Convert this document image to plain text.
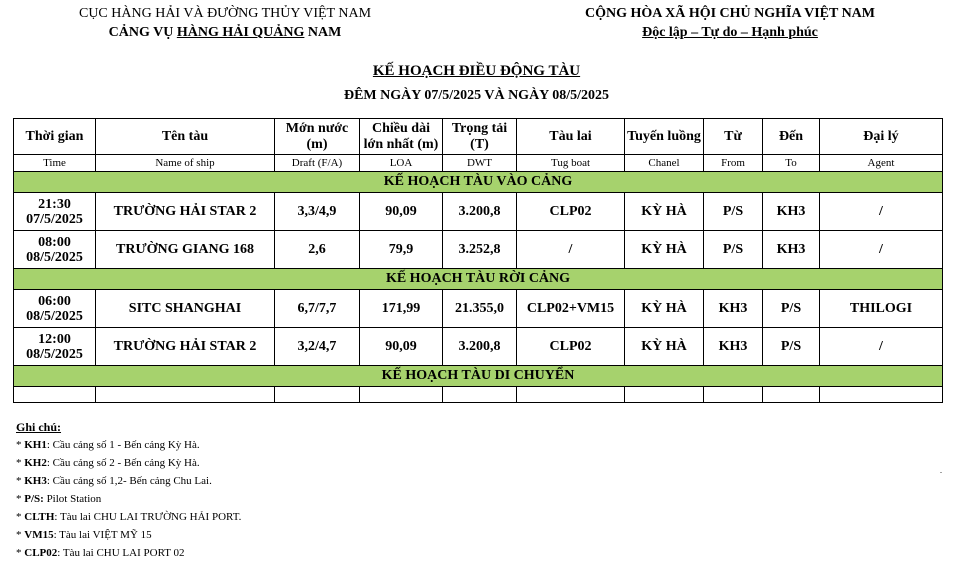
CỤC HÀNG HẢI VÀ ĐƯỜNG THỦY VIỆT NAM
CẢNG VỤ HÀNG HẢI QUẢNG NAM
CỘNG HÒA XÃ HỘI CHỦ NGHĨA VIỆT NAM
Độc lập – Tự do – Hạnh phúc
KẾ HOẠCH ĐIỀU ĐỘNG TÀU
ĐÊM NGÀY 07/5/2025 VÀ NGÀY 08/5/2025
Thời gian	Tên tàu	Mớn nước (m)	Chiều dài lớn nhất (m)	Trọng tải (T)	Tàu lai	Tuyến luồng	Từ	Đến	Đại lý
Time	Name of ship	Draft (F/A)	LOA	DWT	Tug boat	Chanel	From	To	Agent
KẾ HOẠCH TÀU VÀO CẢNG									
21:30
07/5/2025	TRƯỜNG HẢI STAR 2	3,3/4,9	90,09	3.200,8	CLP02	KỲ HÀ	P/S	KH3	/
08:00
08/5/2025	TRƯỜNG GIANG 168	2,6	79,9	3.252,8	/	KỲ HÀ	P/S	KH3	/
KẾ HOẠCH TÀU RỜI CẢNG									
06:00
08/5/2025	SITC SHANGHAI	6,7/7,7	171,99	21.355,0	CLP02+VM15	KỲ HÀ	KH3	P/S	THILOGI
12:00
08/5/2025	TRƯỜNG HẢI STAR 2	3,2/4,7	90,09	3.200,8	CLP02	KỲ HÀ	KH3	P/S	/
KẾ HOẠCH TÀU DI CHUYỂN									

Ghi chú:
* KH1: Cầu cảng số 1 - Bến cảng Kỳ Hà.
* KH2: Cầu cảng số 2 - Bến cảng Kỳ Hà.
* KH3: Cầu cảng số 1,2- Bến cảng Chu Lai.
* P/S: Pilot Station
* CLTH: Tàu lai CHU LAI TRƯỜNG HẢI PORT.
* VM15: Tàu lai VIỆT MỸ 15
* CLP02: Tàu lai CHU LAI PORT 02
.
